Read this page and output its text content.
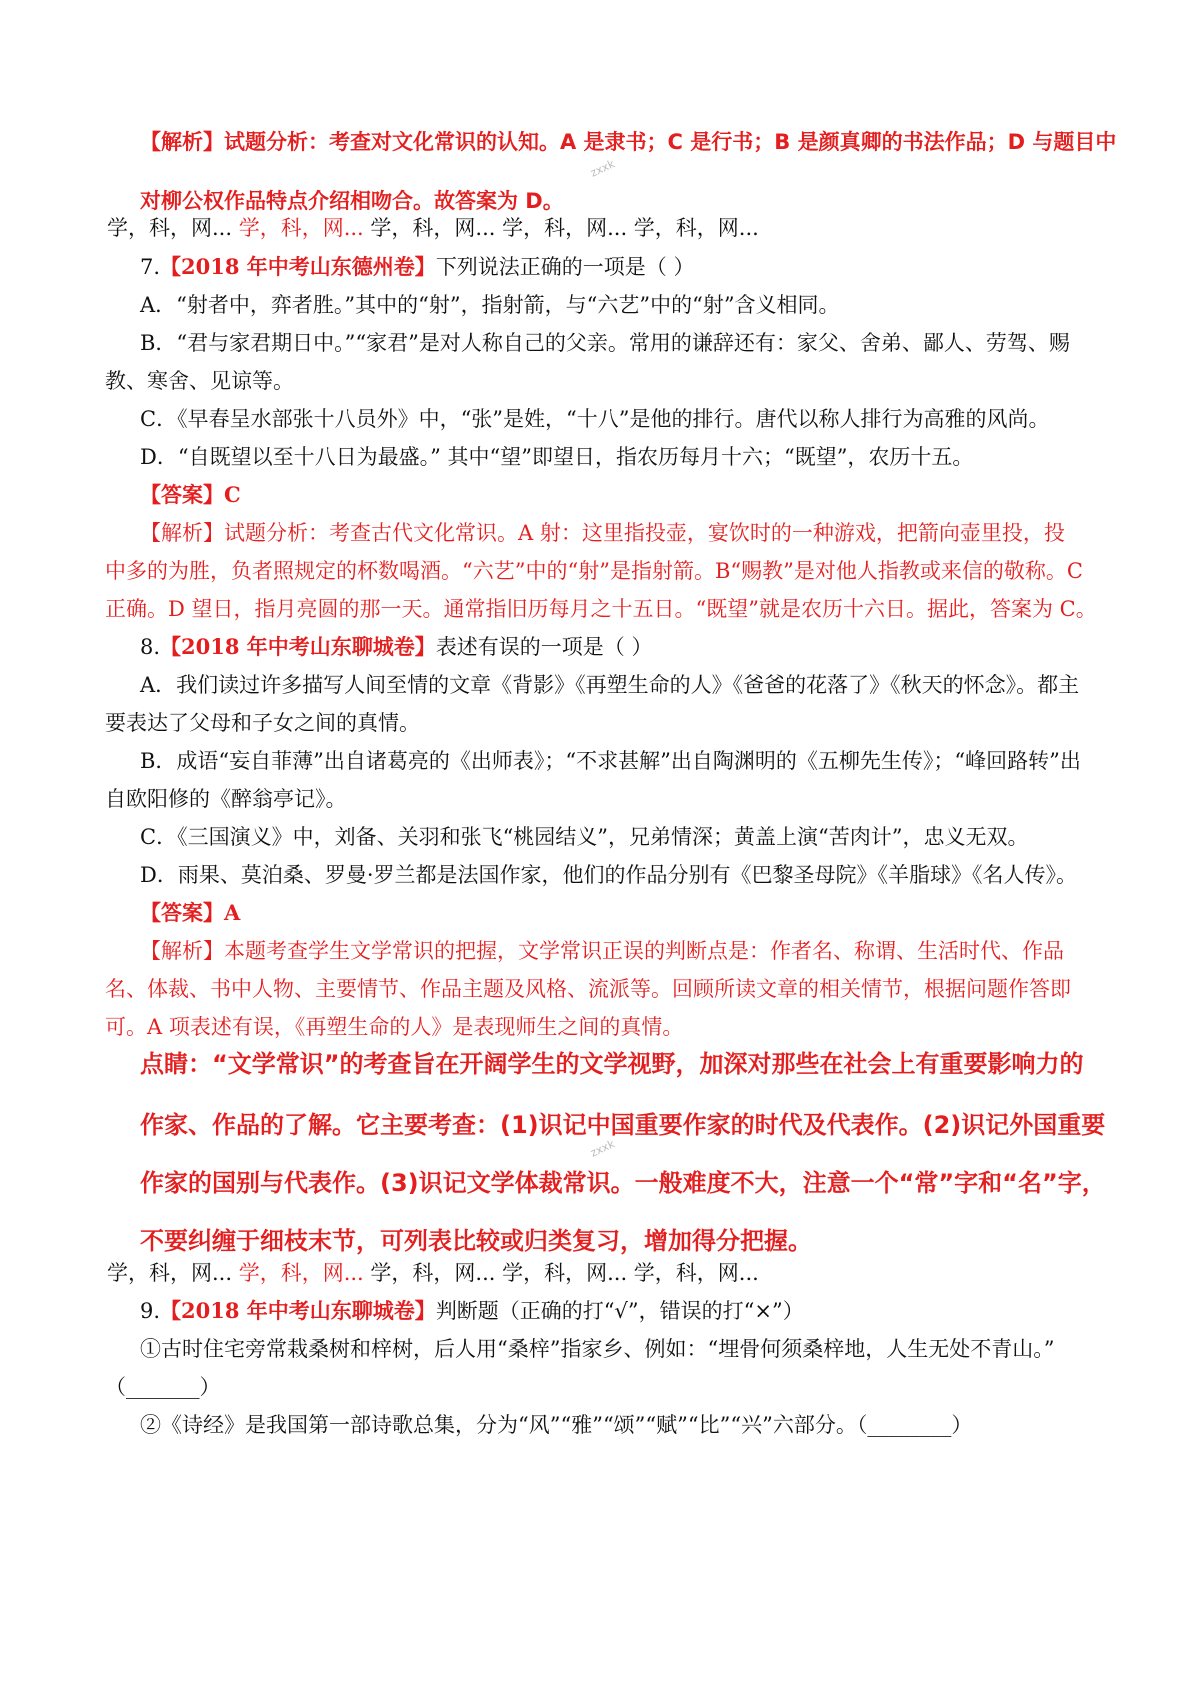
【解析】试题分析：考查对文化常识的认知。A 是隶书；C 是行书；B 是颜真卿的书法作品；D 与题目中
zxxk
对柳公权作品特点介绍相吻合。故答案为 D。
学，科，网... 学，科，网... 学，科，网... 学，科，网... 学，科，网...
7.【2018 年中考山东德州卷】下列说法正确的一项是（ ）
A．“射者中，弈者胜。”其中的“射”，指射箭，与“六艺”中的“射”含义相同。
B．“君与家君期日中。”“家君”是对人称自己的父亲。常用的谦辞还有：家父、舍弟、鄙人、劳驾、赐
教、寒舍、见谅等。
C．《早春呈水部张十八员外》中，“张”是姓，“十八”是他的排行。唐代以称人排行为高雅的风尚。
D．“自既望以至十八日为最盛。” 其中“望”即望日，指农历每月十六；“既望”，农历十五。
【答案】C
【解析】试题分析：考查古代文化常识。A 射：这里指投壶，宴饮时的一种游戏，把箭向壶里投，投
中多的为胜，负者照规定的杯数喝酒。“六艺”中的“射”是指射箭。B“赐教”是对他人指教或来信的敬称。C
正确。D 望日，指月亮圆的那一天。通常指旧历每月之十五日。“既望”就是农历十六日。据此，答案为 C。
8.【2018 年中考山东聊城卷】表述有误的一项是（ ）
A．我们读过许多描写人间至情的文章《背影》《再塑生命的人》《爸爸的花落了》《秋天的怀念》。都主
要表达了父母和子女之间的真情。
B．成语“妄自菲薄”出自诸葛亮的《出师表》；“不求甚解”出自陶渊明的《五柳先生传》；“峰回路转”出
自欧阳修的《醉翁亭记》。
C．《三国演义》中，刘备、关羽和张飞“桃园结义”，兄弟情深；黄盖上演“苦肉计”，忠义无双。
D．雨果、莫泊桑、罗曼·罗兰都是法国作家，他们的作品分别有《巴黎圣母院》《羊脂球》《名人传》。
【答案】A
【解析】本题考查学生文学常识的把握，文学常识正误的判断点是：作者名、称谓、生活时代、作品
名、体裁、书中人物、主要情节、作品主题及风格、流派等。回顾所读文章的相关情节，根据问题作答即
可。A 项表述有误，《再塑生命的人》是表现师生之间的真情。
点睛：“文学常识”的考查旨在开阔学生的文学视野，加深对那些在社会上有重要影响力的
作家、作品的了解。它主要考查：(1)识记中国重要作家的时代及代表作。(2)识记外国重要
zxxk
作家的国别与代表作。(3)识记文学体裁常识。一般难度不大，注意一个“常”字和“名”字，
不要纠缠于细枝末节，可列表比较或归类复习，增加得分把握。
学，科，网... 学，科，网... 学，科，网... 学，科，网... 学，科，网...
9.【2018 年中考山东聊城卷】判断题（正确的打“√”，错误的打“×”）
①古时住宅旁常栽桑树和梓树，后人用“桑梓”指家乡、例如：“埋骨何须桑梓地，人生无处不青山。”
（_______）
②《诗经》是我国第一部诗歌总集，分为“风”“雅”“颂”“赋”“比”“兴”六部分。（________）
